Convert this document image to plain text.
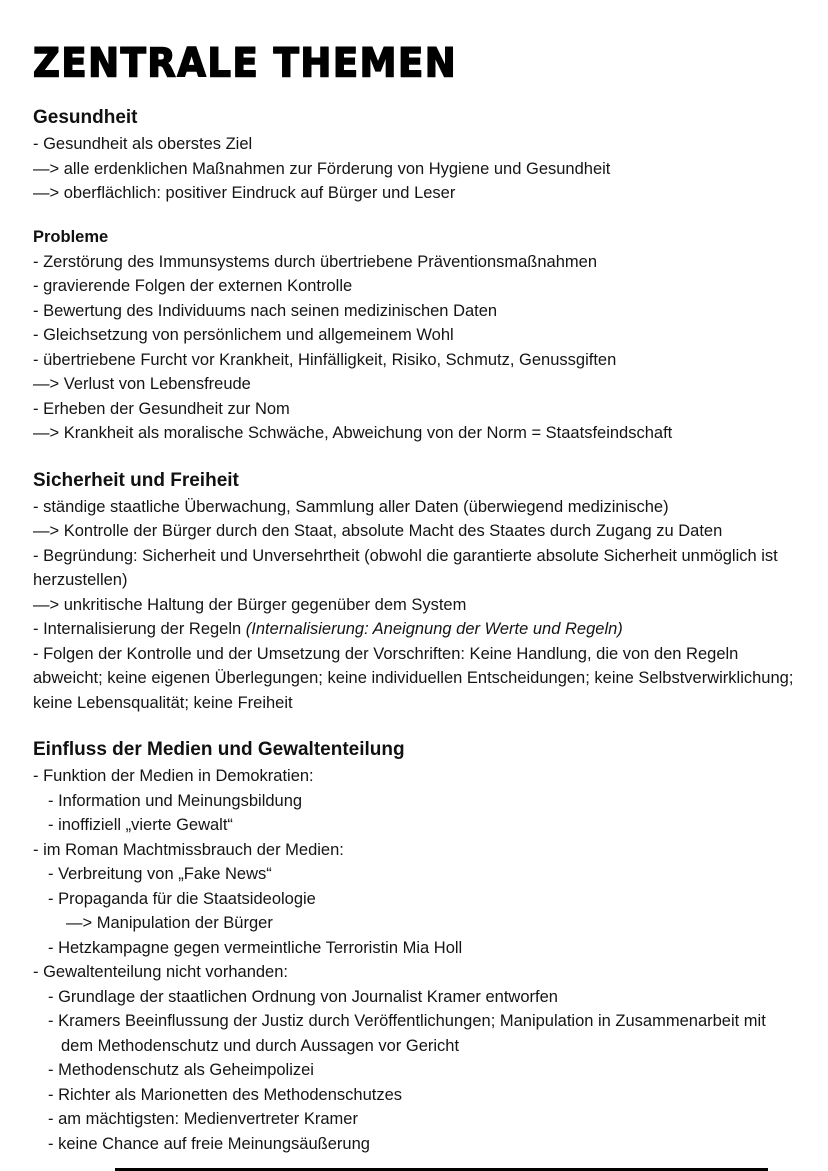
ZENTRALE THEMEN
Gesundheit

- Gesundheit als oberstes Ziel

—> alle erdenklichen Maßnahmen zur Förderung von Hygiene und Gesundheit

—> oberflächlich: positiver Eindruck auf Bürger und Leser

Probleme

- Zerstörung des Immunsystems durch übertriebene Präventionsmaßnahmen

- gravierende Folgen der externen Kontrolle

- Bewertung des Individuums nach seinen medizinischen Daten

- Gleichsetzung von persönlichem und allgemeinem Wohl

- übertriebene Furcht vor Krankheit, Hinfälligkeit, Risiko, Schmutz, Genussgiften

—> Verlust von Lebensfreude

- Erheben der Gesundheit zur Nom

—> Krankheit als moralische Schwäche, Abweichung von der Norm = Staatsfeindschaft

Sicherheit und Freiheit

- ständige staatliche Überwachung, Sammlung aller Daten (überwiegend medizinische)

—> Kontrolle der Bürger durch den Staat, absolute Macht des Staates durch Zugang zu Daten

- Begründung: Sicherheit und Unversehrtheit (obwohl die garantierte absolute Sicherheit unmöglich ist herzustellen)

—> unkritische Haltung der Bürger gegenüber dem System

- Internalisierung der Regeln (Internalisierung: Aneignung der Werte und Regeln)

- Folgen der Kontrolle und der Umsetzung der Vorschriften: Keine Handlung, die von den Regeln abweicht; keine eigenen Überlegungen; keine individuellen Entscheidungen; keine Selbstverwirklichung; keine Lebensqualität; keine Freiheit

Einfluss der Medien und Gewaltenteilung

- Funktion der Medien in Demokratien:

- Information und Meinungsbildung

- inoffiziell „vierte Gewalt“

- im Roman Machtmissbrauch der Medien:

- Verbreitung von „Fake News“

- Propaganda für die Staatsideologie

—> Manipulation der Bürger

- Hetzkampagne gegen vermeintliche Terroristin Mia Holl

- Gewaltenteilung nicht vorhanden:

- Grundlage der staatlichen Ordnung von Journalist Kramer entworfen

- Kramers Beeinflussung der Justiz durch Veröffentlichungen; Manipulation in Zusammenarbeit mit dem Methodenschutz und durch Aussagen vor Gericht

- Methodenschutz als Geheimpolizei

- Richter als Marionetten des Methodenschutzes

- am mächtigsten: Medienvertreter Kramer

- keine Chance auf freie Meinungsäußerung
